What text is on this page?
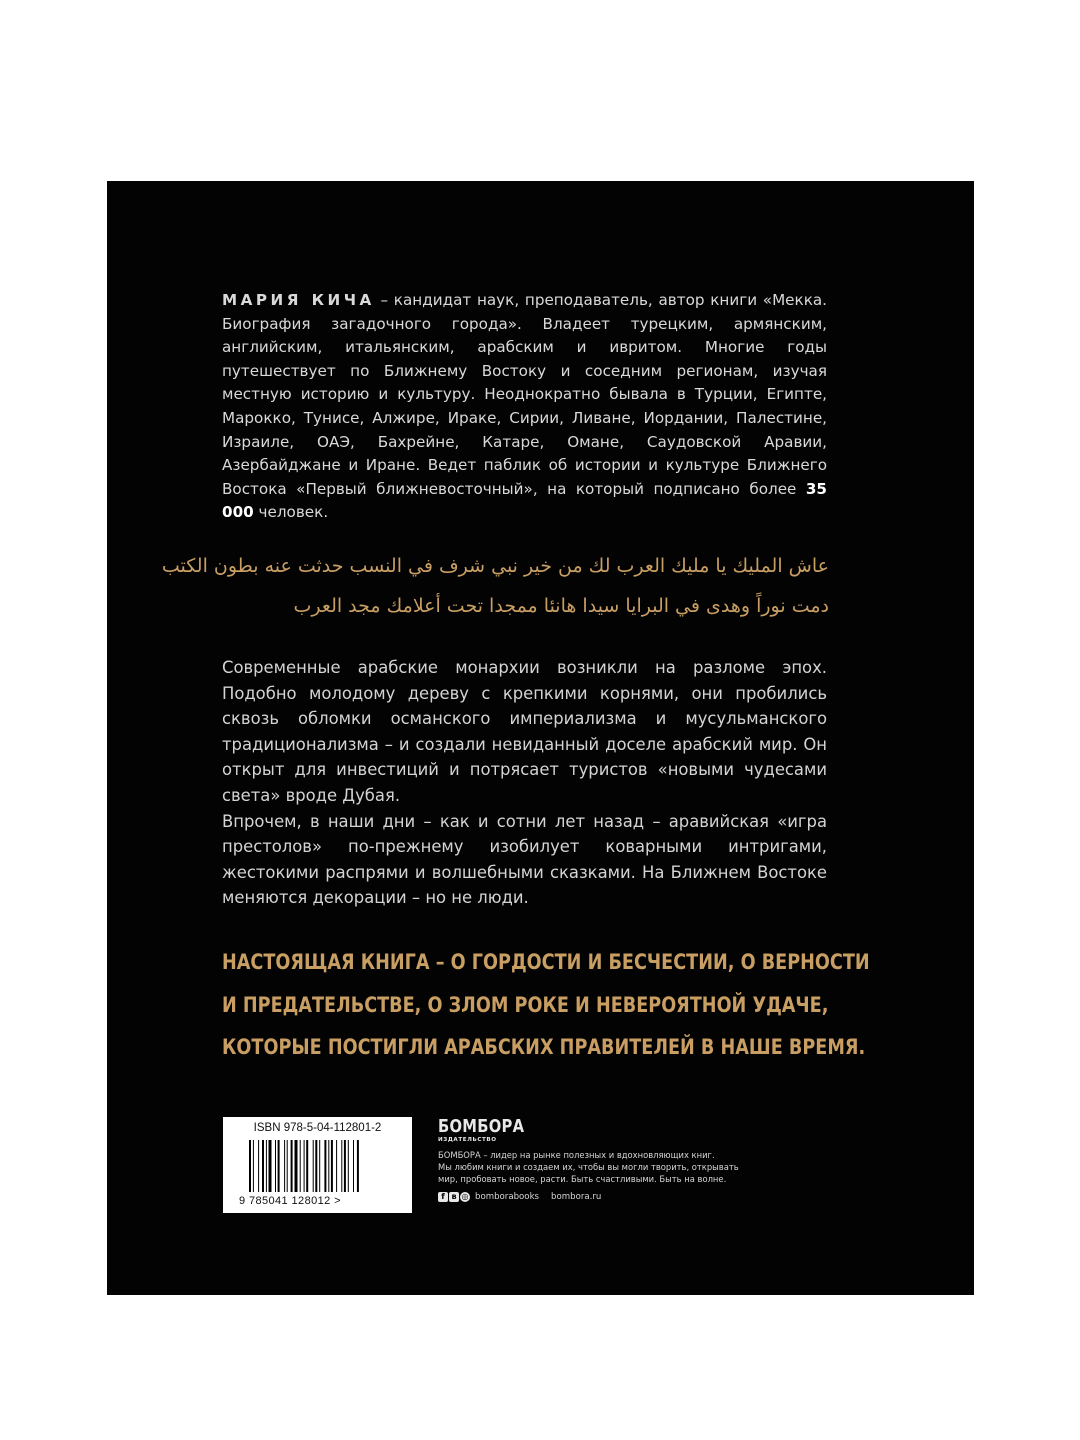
МАРИЯ КИЧА – кандидат наук, преподаватель, автор книги «Мекка. Биография загадочного города». Владеет турецким, армянским, английским, итальянским, арабским и ивритом. Многие годы путешествует по Ближнему Востоку и соседним регионам, изучая местную историю и культуру. Неоднократно бывала в Турции, Египте, Марокко, Тунисе, Алжире, Ираке, Сирии, Ливане, Иордании, Палестине, Израиле, ОАЭ, Бахрейне, Катаре, Омане, Саудовской Аравии, Азербайджане и Иране. Ведет паблик об истории и культуре Ближнего Востока «Первый ближневосточный», на который подписано более 35 000 человек.
عاش المليك يا مليك العرب لك من خير نبي شرف في النسب حدثت عنه بطون الكتب
دمت نوراً وهدى في البرايا سيدا هانئا ممجدا تحت أعلامك مجد العرب

Современные арабские монархии возникли на разломе эпох. Подобно молодому дереву с крепкими корнями, они пробились сквозь обломки османского империализма и мусульманского традиционализма – и создали невиданный доселе арабский мир. Он открыт для инвестиций и потрясает туристов «новыми чудесами света» вроде Дубая.

Впрочем, в наши дни – как и сотни лет назад – аравийская «игра престолов» по-прежнему изобилует коварными интригами, жестокими распрями и волшебными сказками. На Ближнем Востоке меняются декорации – но не люди.

НАСТОЯЩАЯ КНИГА – О ГОРДОСТИ И БЕСЧЕСТИИ, О ВЕРНОСТИ
И ПРЕДАТЕЛЬСТВЕ, О ЗЛОМ РОКЕ И НЕВЕРОЯТНОЙ УДАЧЕ,
КОТОРЫЕ ПОСТИГЛИ АРАБСКИХ ПРАВИТЕЛЕЙ В НАШЕ ВРЕМЯ.
ISBN 978-5-04-112801-2
9 785041 128012 >
БОМБОРА
ИЗДАТЕЛЬСТВО
БОМБОРА – лидер на рынке полезных и вдохновляющих книг.
Мы любим книги и создаем их, чтобы вы могли творить, открывать
мир, пробовать новое, расти. Быть счастливыми. Быть на волне.
f в ◎ bomborabooks bombora.ru
